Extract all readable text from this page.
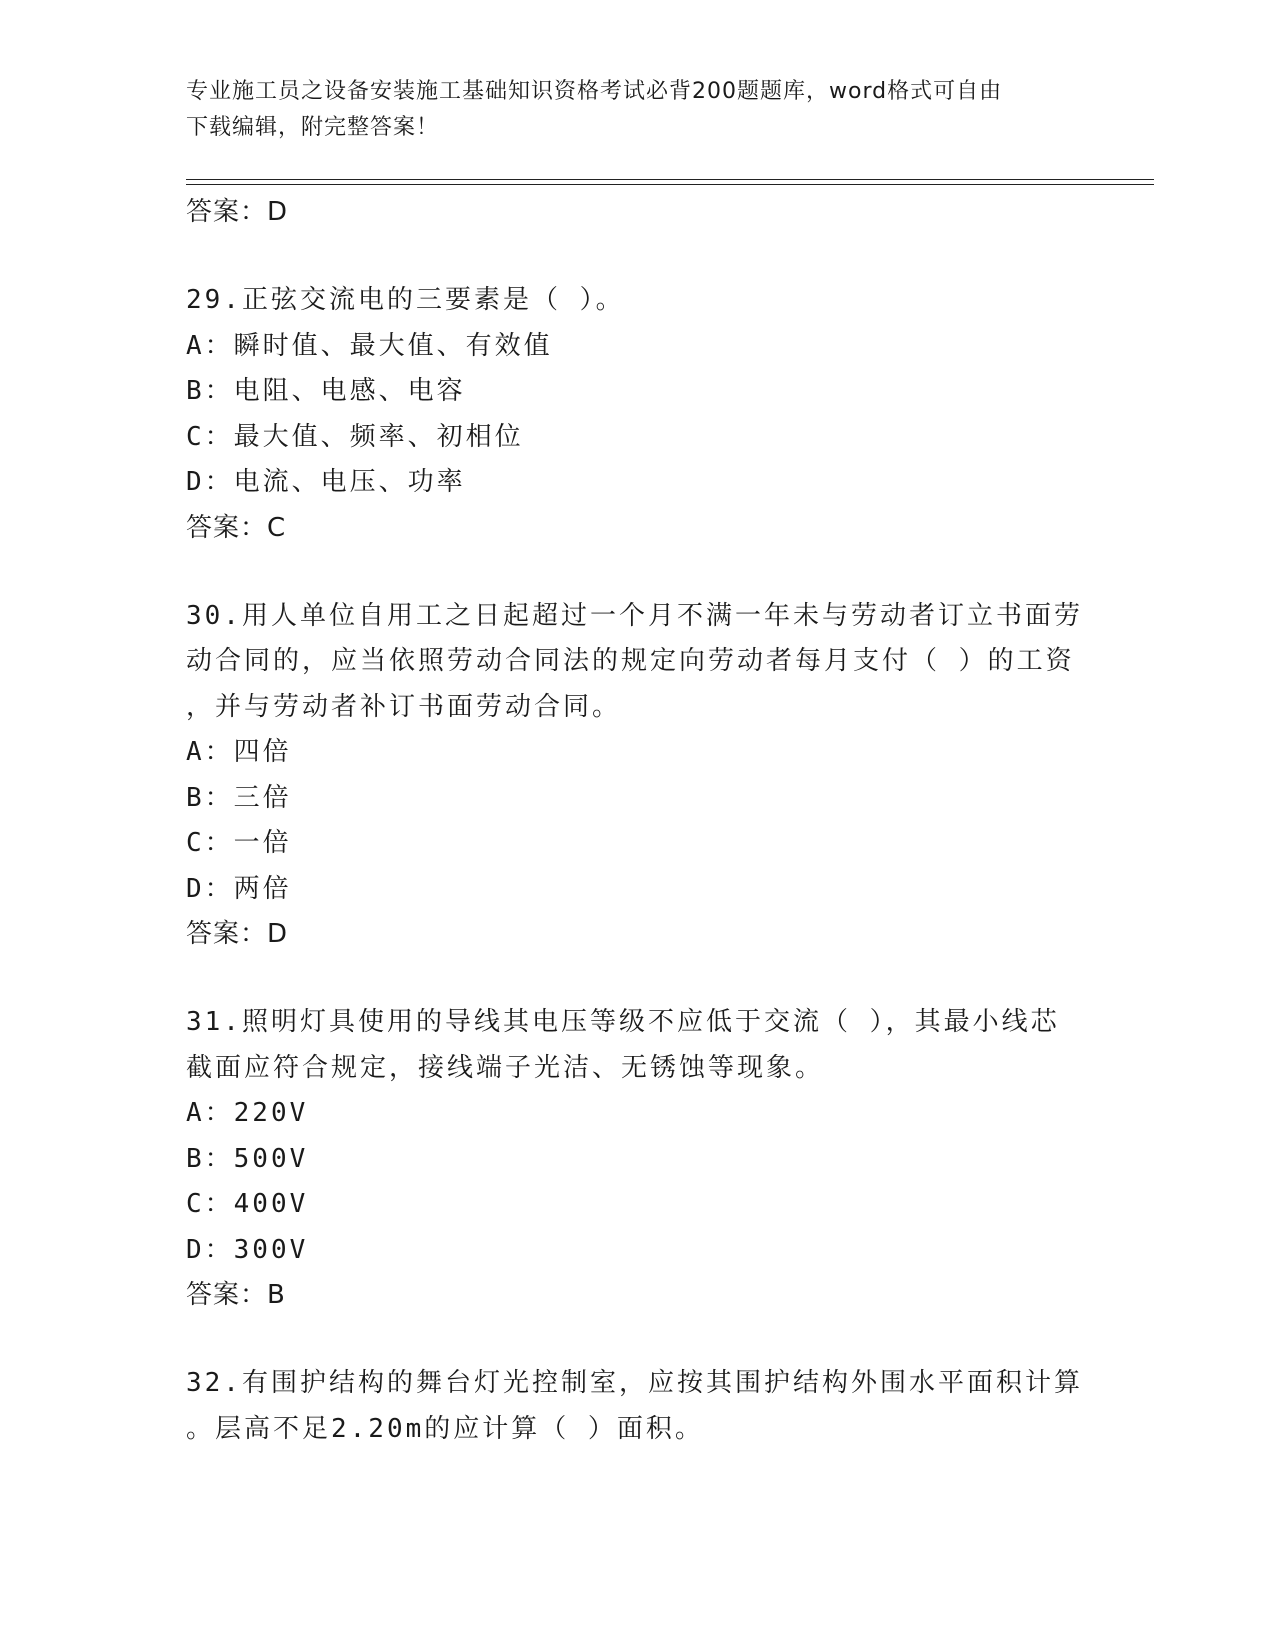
专业施工员之设备安装施工基础知识资格考试必背200题题库，word格式可自由
下载编辑，附完整答案！
答案：D
29.正弦交流电的三要素是（ ）。
A：瞬时值、最大值、有效值
B：电阻、电感、电容
C：最大值、频率、初相位
D：电流、电压、功率
答案：C
30.用人单位自用工之日起超过一个月不满一年未与劳动者订立书面劳
动合同的，应当依照劳动合同法的规定向劳动者每月支付（ ）的工资
，并与劳动者补订书面劳动合同。
A：四倍
B：三倍
C：一倍
D：两倍
答案：D
31.照明灯具使用的导线其电压等级不应低于交流（ ），其最小线芯
截面应符合规定，接线端子光洁、无锈蚀等现象。
A：220V
B：500V
C：400V
D：300V
答案：B
32.有围护结构的舞台灯光控制室，应按其围护结构外围水平面积计算
。层高不足2.20m的应计算（ ）面积。
